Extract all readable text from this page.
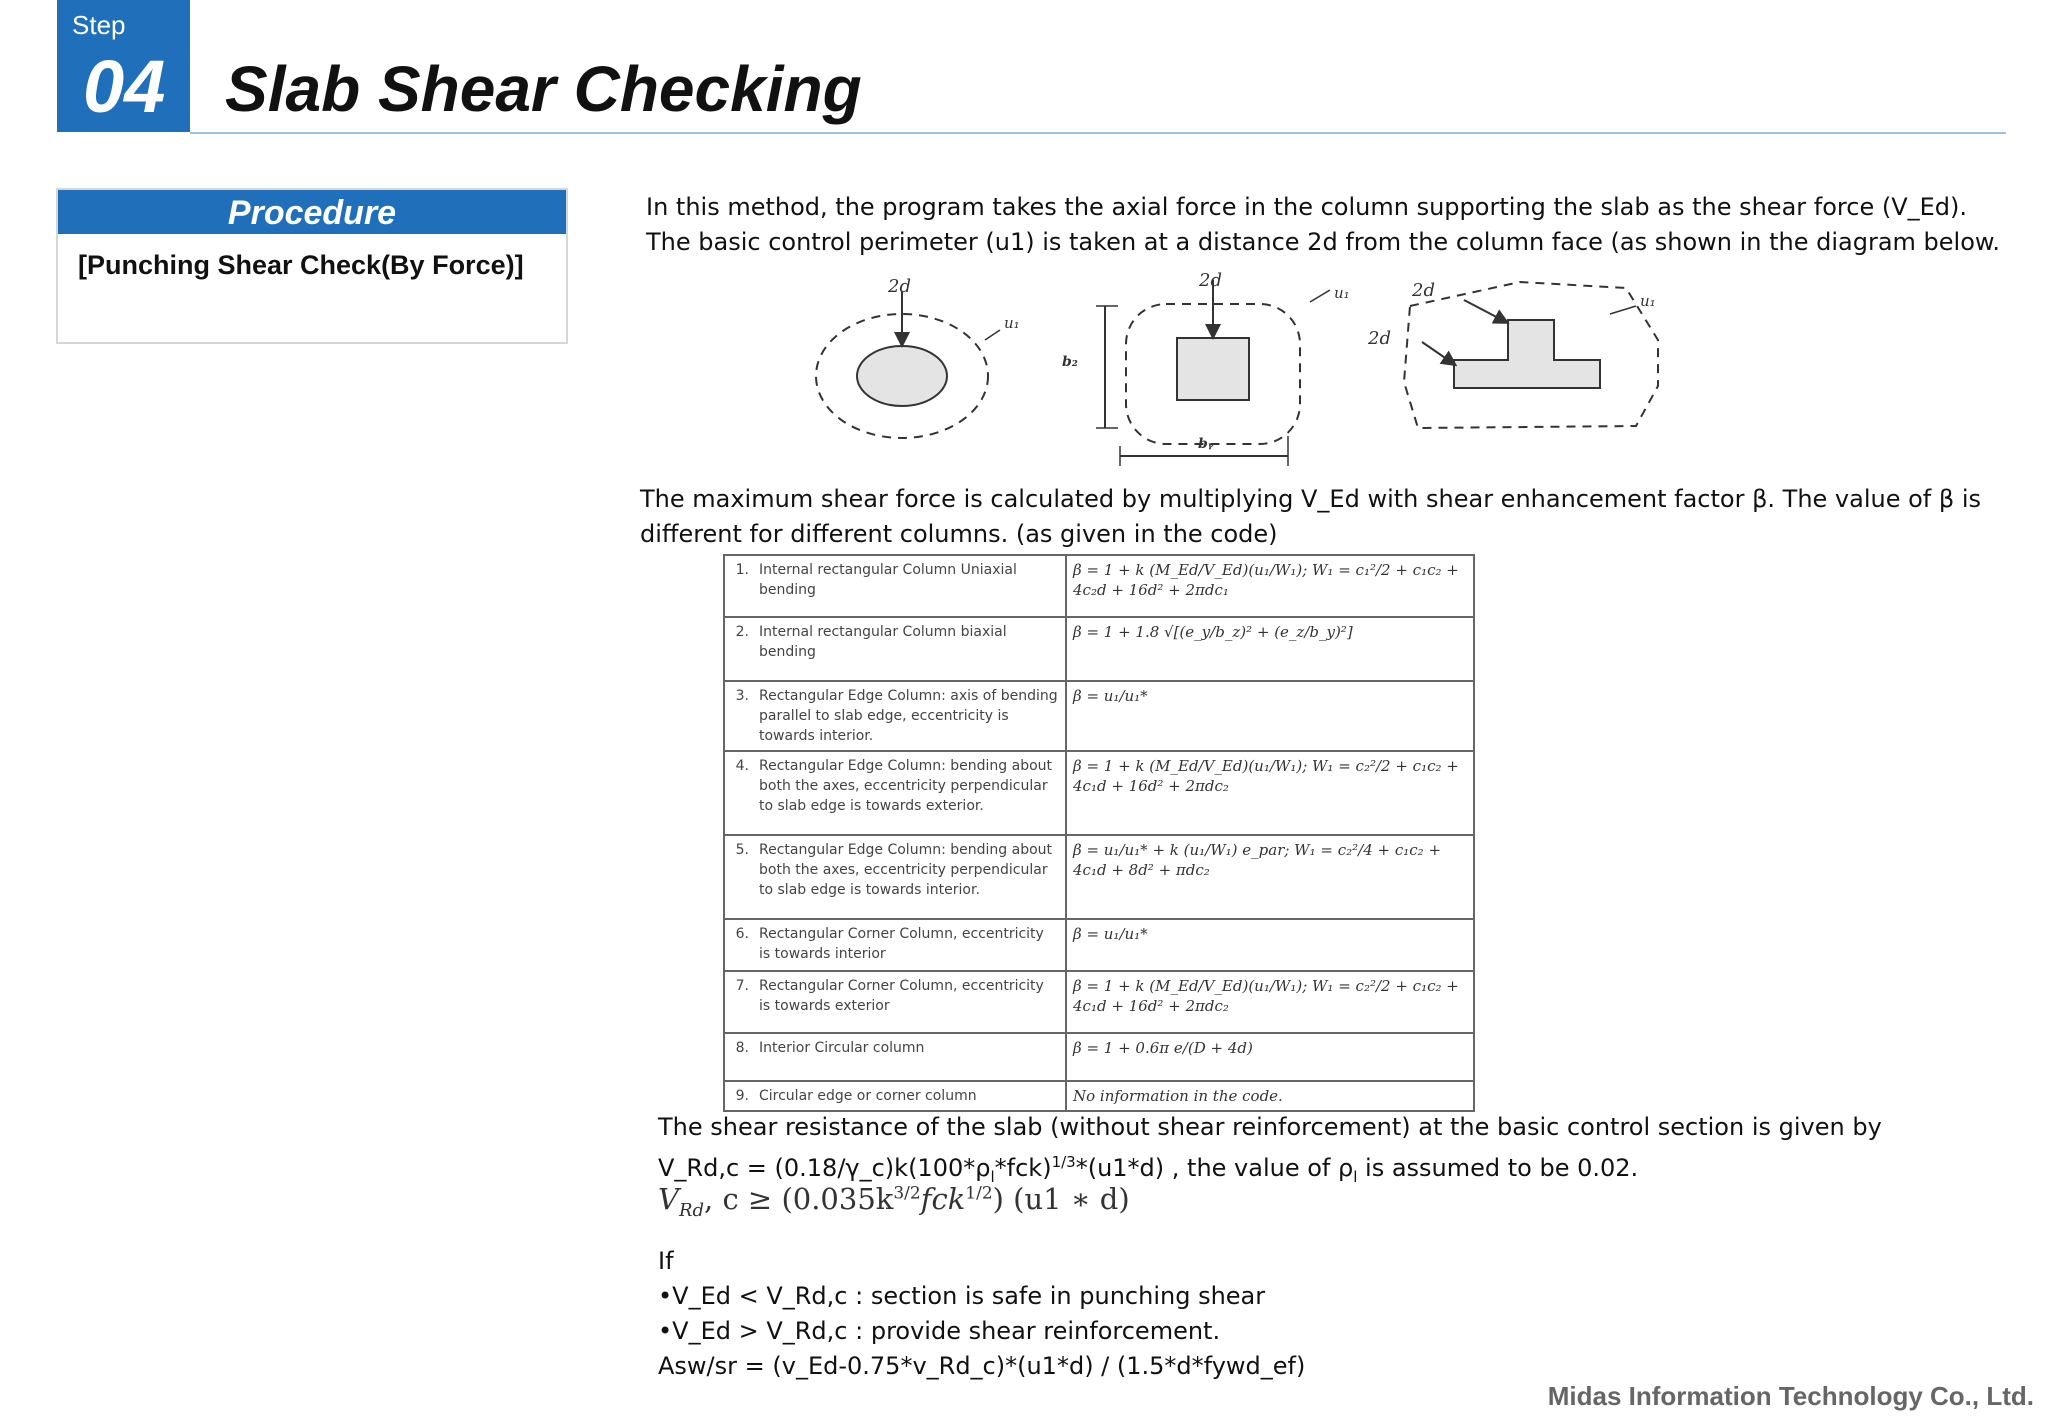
Step
04 Slab Shear Checking
Procedure
[Punching Shear Check(By Force)]
In this method, the program takes the axial force in the column supporting the slab as the shear force (V_Ed).
The basic control perimeter (u1) is taken at a distance 2d from the column face (as shown in the diagram below.
2d
u₁
2d
u₁
b₂
bᵧ
2d
2d
u₁
The maximum shear force is calculated by multiplying V_Ed with shear enhancement factor β. The value of β is
different for different columns. (as given in the code)
1.	Internal rectangular Column Uniaxial bending	β = 1 + k (M_Ed/V_Ed)(u₁/W₁); W₁ = c₁²/2 + c₁c₂ + 4c₂d + 16d² + 2πdc₁
2.	Internal rectangular Column biaxial bending	β = 1 + 1.8 √[(e_y/b_z)² + (e_z/b_y)²]
3.	Rectangular Edge Column: axis of bending parallel to slab edge, eccentricity is towards interior.	β = u₁/u₁*
4.	Rectangular Edge Column: bending about both the axes, eccentricity perpendicular to slab edge is towards exterior.	β = 1 + k (M_Ed/V_Ed)(u₁/W₁); W₁ = c₂²/2 + c₁c₂ + 4c₁d + 16d² + 2πdc₂
5.	Rectangular Edge Column: bending about both the axes, eccentricity perpendicular to slab edge is towards interior.	β = u₁/u₁* + k (u₁/W₁) e_par; W₁ = c₂²/4 + c₁c₂ + 4c₁d + 8d² + πdc₂
6.	Rectangular Corner Column, eccentricity is towards interior	β = u₁/u₁*
7.	Rectangular Corner Column, eccentricity is towards exterior	β = 1 + k (M_Ed/V_Ed)(u₁/W₁); W₁ = c₂²/2 + c₁c₂ + 4c₁d + 16d² + 2πdc₂
8.	Interior Circular column	β = 1 + 0.6π e/(D + 4d)
9.	Circular edge or corner column	No information in the code.
The shear resistance of the slab (without shear reinforcement) at the basic control section is given by
V_Rd,c = $(0.18/\gamma\_c)k(100*\rho_l*fck)^{1/3}*(u1*d)$ , the value of $\rho_l$ is assumed to be 0.02.
$V_{Rd}$, $c \ge (0.035k^{3/2}fck^{1/2})$ (u1 ∗ d)
If
•V_Ed < V_Rd,c : section is safe in punching shear
•V_Ed > V_Rd,c : provide shear reinforcement.
Asw/sr = (v_Ed-0.75*v_Rd_c)*(u1*d) / (1.5*d*fywd_ef)
Midas Information Technology Co., Ltd.
